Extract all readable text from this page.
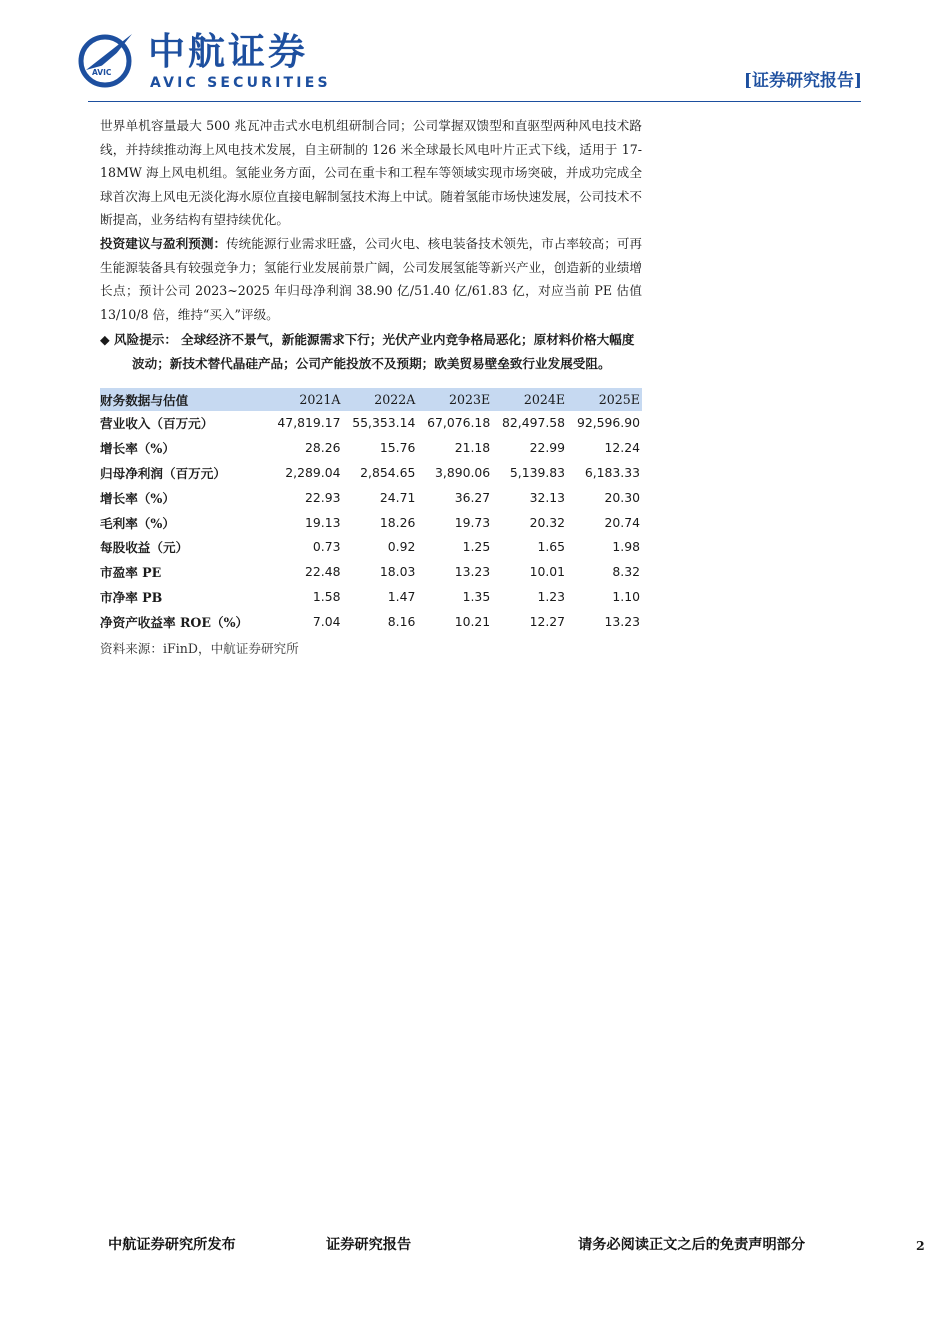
AVIC 中航证券
AVIC SECURITIES	[证券研究报告]

世界单机容量最大 500 兆瓦冲击式水电机组研制合同；公司掌握双馈型和直驱型两种风电技术路线，并持续推动海上风电技术发展，自主研制的 126 米全球最长风电叶片正式下线，适用于 17-18MW 海上风电机组。氢能业务方面，公司在重卡和工程车等领域实现市场突破，并成功完成全球首次海上风电无淡化海水原位直接电解制氢技术海上中试。随着氢能市场快速发展，公司技术不断提高，业务结构有望持续优化。

投资建议与盈利预测：传统能源行业需求旺盛，公司火电、核电装备技术领先，市占率较高；可再生能源装备具有较强竞争力；氢能行业发展前景广阔，公司发展氢能等新兴产业，创造新的业绩增长点；预计公司 2023~2025 年归母净利润 38.90 亿/51.40 亿/61.83 亿，对应当前 PE 估值 13/10/8 倍，维持“买入”评级。

◆ 风险提示： 全球经济不景气，新能源需求下行；光伏产业内竞争格局恶化；原材料价格大幅度波动；新技术替代晶硅产品；公司产能投放不及预期；欧美贸易壁垒致行业发展受阻。
财务数据与估值	2021A	2022A	2023E	2024E	2025E
营业收入（百万元）	47,819.17	55,353.14	67,076.18	82,497.58	92,596.90
增长率（%）	28.26	15.76	21.18	22.99	12.24
归母净利润（百万元）	2,289.04	2,854.65	3,890.06	5,139.83	6,183.33
增长率（%）	22.93	24.71	36.27	32.13	20.30
毛利率（%）	19.13	18.26	19.73	20.32	20.74
每股收益（元）	0.73	0.92	1.25	1.65	1.98
市盈率 PE	22.48	18.03	13.23	10.01	8.32
市净率 PB	1.58	1.47	1.35	1.23	1.10
净资产收益率 ROE（%）	7.04	8.16	10.21	12.27	13.23
资料来源：iFinD，中航证券研究所
中航证券研究所发布	证券研究报告	请务必阅读正文之后的免责声明部分	2
